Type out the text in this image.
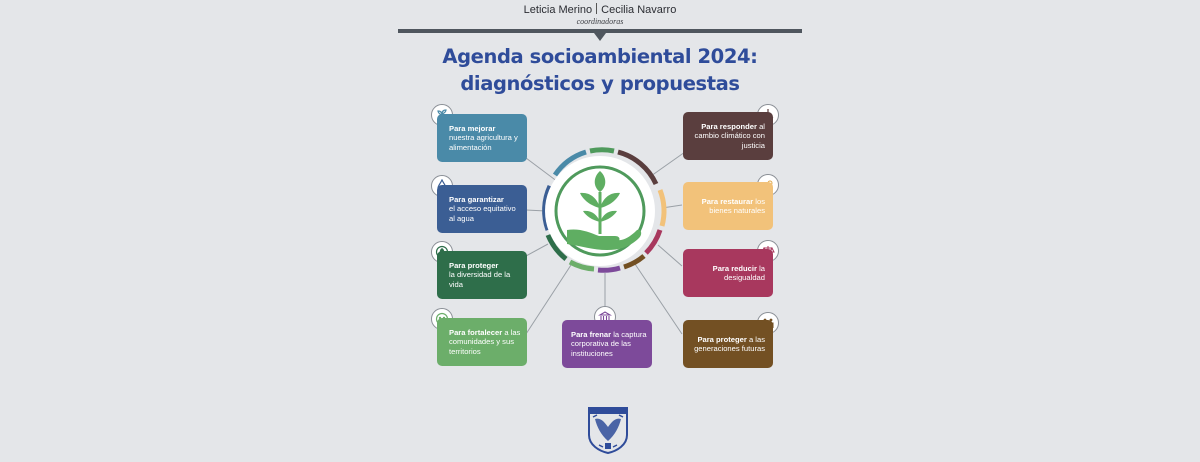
Leticia Merino Cecilia Navarro
coordinadoras
Agenda socioambiental 2024:
diagnósticos y propuestas
Para mejorar
nuestra agricultura y alimentación
Para garantizar
el acceso equitativo al agua
Para proteger
la diversidad de la vida
Para fortalecer a las comunidades y sus territorios
Para frenar la captura corporativa de las instituciones
Para responder al cambio climático con justicia
Para restaurar los bienes naturales
Para reducir la desigualdad
Para proteger a las generaciones futuras
